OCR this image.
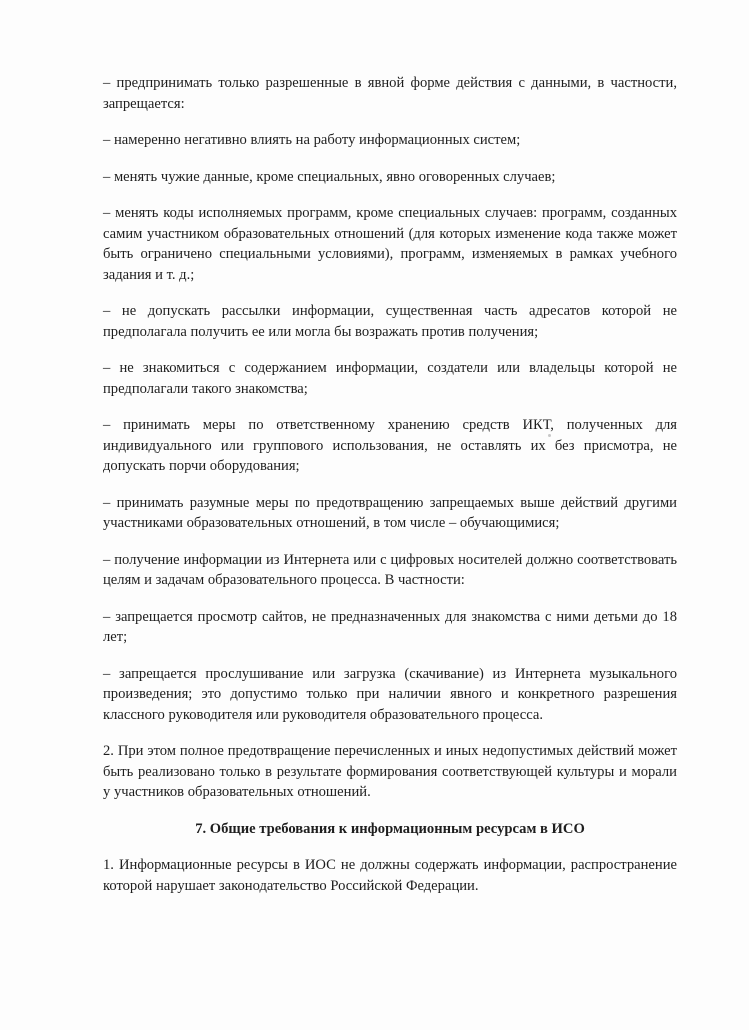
– предпринимать только разрешенные в явной форме действия с данными, в частности, запрещается:

– намеренно негативно влиять на работу информационных систем;

– менять чужие данные, кроме специальных, явно оговоренных случаев;

– менять коды исполняемых программ, кроме специальных случаев: программ, созданных самим участником образовательных отношений (для которых изменение кода также может быть ограничено специальными условиями), программ, изменяемых в рамках учебного задания и т. д.;

– не допускать рассылки информации, существенная часть адресатов которой не предполагала получить ее или могла бы возражать против получения;

– не знакомиться с содержанием информации, создатели или владельцы которой не предполагали такого знакомства;

– принимать меры по ответственному хранению средств ИКТ, полученных для индивидуального или группового использования, не оставлять их без присмотра, не допускать порчи оборудования;

– принимать разумные меры по предотвращению запрещаемых выше действий другими участниками образовательных отношений, в том числе – обучающимися;

– получение информации из Интернета или с цифровых носителей должно соответствовать целям и задачам образовательного процесса. В частности:

– запрещается просмотр сайтов, не предназначенных для знакомства с ними детьми до 18 лет;

– запрещается прослушивание или загрузка (скачивание) из Интернета музыкального произведения; это допустимо только при наличии явного и конкретного разрешения классного руководителя или руководителя образовательного процесса.

2. При этом полное предотвращение перечисленных и иных недопустимых действий может быть реализовано только в результате формирования соответствующей культуры и морали у участников образовательных отношений.

7. Общие требования к информационным ресурсам в ИСО

1. Информационные ресурсы в ИОС не должны содержать информации, распространение которой нарушает законодательство Российской Федерации.
